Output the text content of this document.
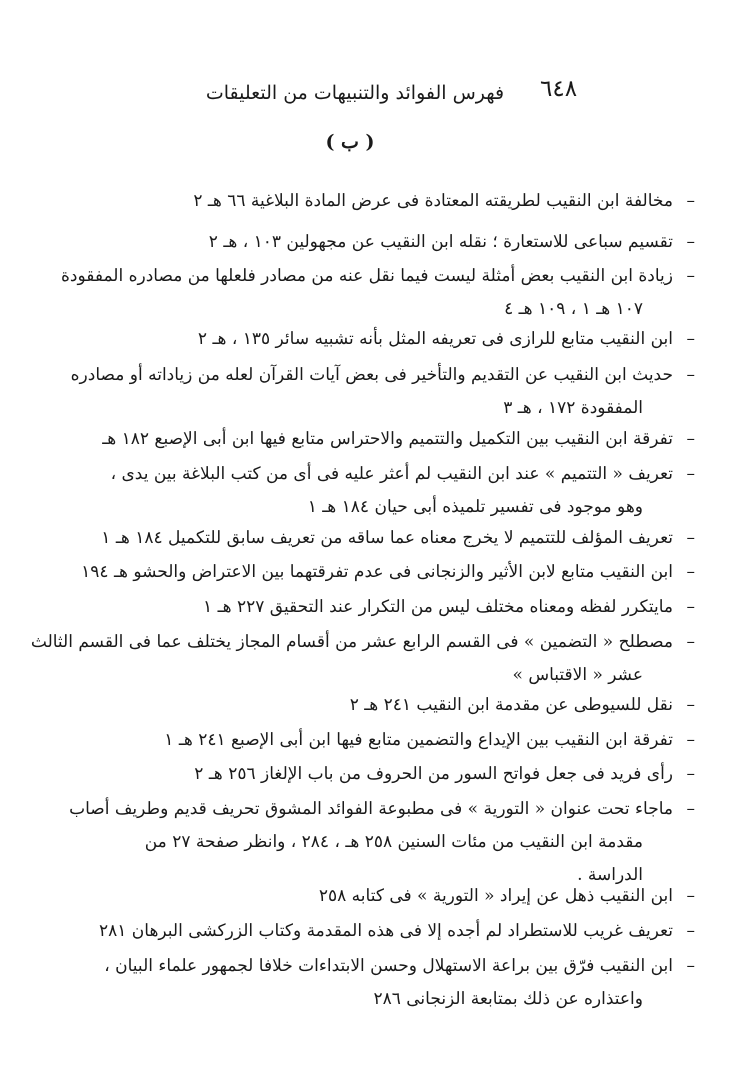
٦٤٨
فهرس الفوائد والتنبيهات من التعليقات
( ب )
–
مخالفة ابن النقيب لطريقته المعتادة فى عرض المادة البلاغية ٦٦ هـ ٢
–
تقسيم سباعى للاستعارة ؛ نقله ابن النقيب عن مجهولين ١٠٣ ، هـ ٢
–
زيادة ابن النقيب بعض أمثلة ليست فيما نقل عنه من مصادر فلعلها من مصادره المفقودة
١٠٧ هـ ١ ، ١٠٩ هـ ٤
–
ابن النقيب متابع للرازى فى تعريفه المثل بأنه تشبيه سائر ١٣٥ ، هـ ٢
–
حديث ابن النقيب عن التقديم والتأخير فى بعض آيات القرآن لعله من زياداته أو مصادره
المفقودة ١٧٢ ، هـ ٣
–
تفرقة ابن النقيب بين التكميل والتتميم والاحتراس متابع فيها ابن أبى الإصبع ١٨٢ هـ
–
تعريف « التتميم » عند ابن النقيب لم أعثر عليه فى أى من كتب البلاغة بين يدى ،
وهو موجود فى تفسير تلميذه أبى حيان ١٨٤ هـ ١
–
تعريف المؤلف للتتميم لا يخرج معناه عما ساقه من تعريف سابق للتكميل ١٨٤ هـ ١
–
ابن النقيب متابع لابن الأثير والزنجانى فى عدم تفرقتهما بين الاعتراض والحشو هـ ١٩٤
–
مايتكرر لفظه ومعناه مختلف ليس من التكرار عند التحقيق ٢٢٧ هـ ١
–
مصطلح « التضمين » فى القسم الرابع عشر من أقسام المجاز يختلف عما فى القسم الثالث
عشر « الاقتباس »
–
نقل للسيوطى عن مقدمة ابن النقيب ٢٤١ هـ ٢
–
تفرقة ابن النقيب بين الإيداع والتضمين متابع فيها ابن أبى الإصبع ٢٤١ هـ ١
–
رأى فريد فى جعل فواتح السور من الحروف من باب الإلغاز ٢٥٦ هـ ٢
–
ماجاء تحت عنوان « التورية » فى مطبوعة الفوائد المشوق تحريف قديم وطريف أصاب
مقدمة ابن النقيب من مئات السنين ٢٥٨ هـ ، ٢٨٤ ، وانظر صفحة ٢٧ من
الدراسة .
–
ابن النقيب ذهل عن إيراد « التورية » فى كتابه ٢٥٨
–
تعريف غريب للاستطراد لم أجده إلا فى هذه المقدمة وكتاب الزركشى البرهان ٢٨١
–
ابن النقيب فرّق بين براعة الاستهلال وحسن الابتداءات خلافا لجمهور علماء البيان ،
واعتذاره عن ذلك بمتابعة الزنجانى ٢٨٦
